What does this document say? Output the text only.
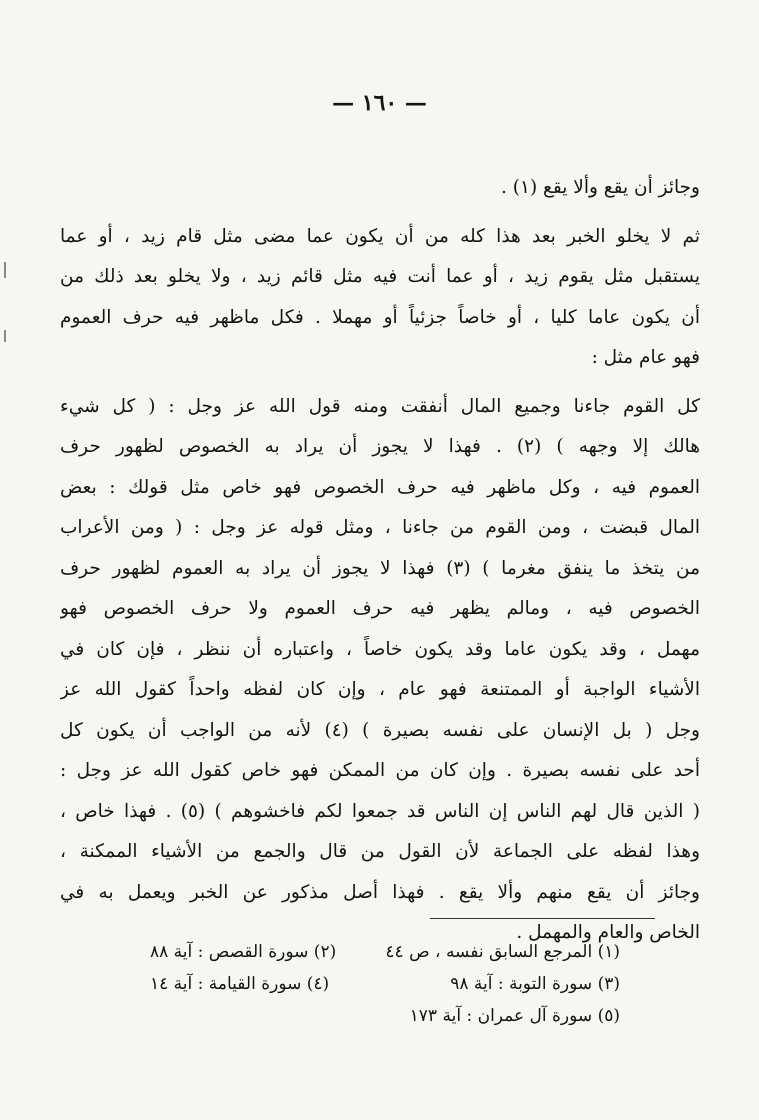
— ١٦٠ —
وجائز أن يقع وألا يقع (١) .
ثم لا يخلو الخبر بعد هذا كله من أن يكون عما مضى مثل قام زيد ، أو عما
يستقبل مثل يقوم زيد ، أو عما أنت فيه مثل قائم زيد ، ولا يخلو بعد ذلك من
أن يكون عاما كليا ، أو خاصاً جزئياً أو مهملا . فكل ماظهر فيه حرف العموم
فهو عام مثل :
كل القوم جاءنا وجميع المال أنفقت ومنه قول الله عز وجل : ( كل شيء
هالك إلا وجهه ) (٢) . فهذا لا يجوز أن يراد به الخصوص لظهور حرف
العموم فيه ، وكل ماظهر فيه حرف الخصوص فهو خاص مثل قولك : بعض
المال قبضت ، ومن القوم من جاءنا ، ومثل قوله عز وجل : ( ومن الأعراب
من يتخذ ما ينفق مغرما ) (٣) فهذا لا يجوز أن يراد به العموم لظهور حرف
الخصوص فيه ، ومالم يظهر فيه حرف العموم ولا حرف الخصوص فهو
مهمل ، وقد يكون عاما وقد يكون خاصاً ، واعتباره أن ننظر ، فإن كان في
الأشياء الواجبة أو الممتنعة فهو عام ، وإن كان لفظه واحداً كقول الله عز
وجل ( بل الإنسان على نفسه بصيرة ) (٤) لأنه من الواجب أن يكون كل
أحد على نفسه بصيرة . وإن كان من الممكن فهو خاص كقول الله عز وجل :
( الذين قال لهم الناس إن الناس قد جمعوا لكم فاخشوهم ) (٥) . فهذا خاص ،
وهذا لفظه على الجماعة لأن القول من قال والجمع من الأشياء الممكنة ،
وجائز أن يقع منهم وألا يقع . فهذا أصل مذكور عن الخبر ويعمل به في
الخاص والعام والمهمل .
(١) المرجع السابق نفسه ، ص ٤٤
(٢) سورة القصص : آية ٨٨
(٣) سورة التوبة : آية ٩٨
(٤) سورة القيامة : آية ١٤
(٥) سورة آل عمران : آية ١٧٣
